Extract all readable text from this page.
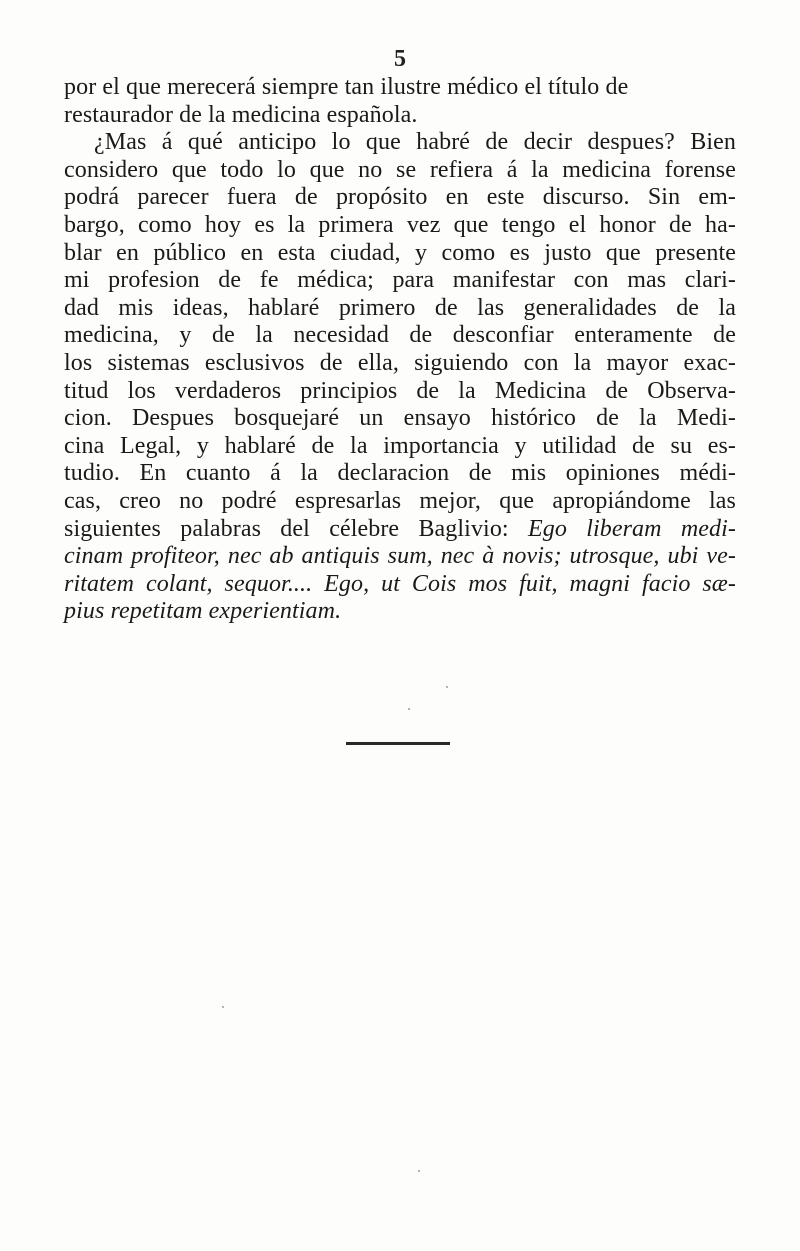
5
por el que merecerá siempre tan ilustre médico el título de
restaurador de la medicina española.
¿Mas á qué anticipo lo que habré de decir despues? Bien
considero que todo lo que no se refiera á la medicina forense
podrá parecer fuera de propósito en este discurso. Sin em-
bargo, como hoy es la primera vez que tengo el honor de ha-
blar en público en esta ciudad, y como es justo que presente
mi profesion de fe médica; para manifestar con mas clari-
dad mis ideas, hablaré primero de las generalidades de la
medicina, y de la necesidad de desconfiar enteramente de
los sistemas esclusivos de ella, siguiendo con la mayor exac-
titud los verdaderos principios de la Medicina de Observa-
cion. Despues bosquejaré un ensayo histórico de la Medi-
cina Legal, y hablaré de la importancia y utilidad de su es-
tudio. En cuanto á la declaracion de mis opiniones médi-
cas, creo no podré espresarlas mejor, que apropiándome las
siguientes palabras del célebre Baglivio: Ego liberam medi-
cinam profiteor, nec ab antiquis sum, nec à novis; utrosque, ubi ve-
ritatem colant, sequor.... Ego, ut Cois mos fuit, magni facio sæ-
pius repetitam experientiam.
